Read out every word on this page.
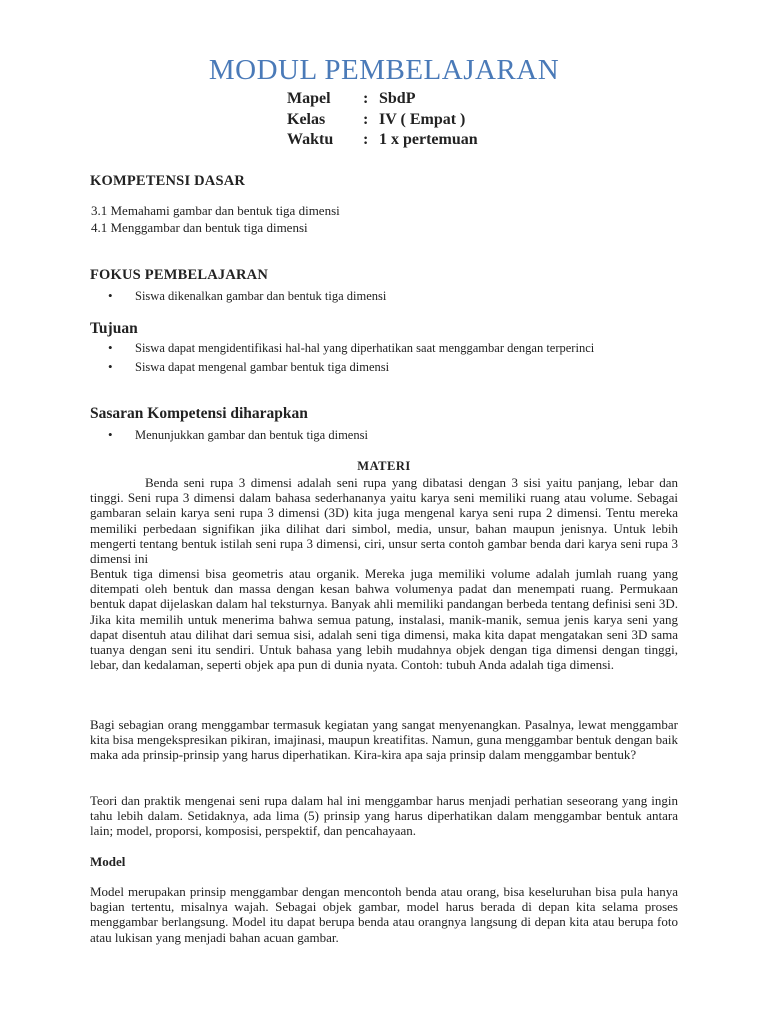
MODUL PEMBELAJARAN
Mapel	: SbdP
Kelas	: IV ( Empat )
Waktu	: 1 x pertemuan
KOMPETENSI DASAR
3.1 Memahami gambar dan bentuk tiga dimensi
4.1 Menggambar dan bentuk tiga dimensi
FOKUS PEMBELAJARAN
• Siswa dikenalkan gambar dan bentuk tiga dimensi
Tujuan
• Siswa dapat mengidentifikasi hal-hal yang diperhatikan saat menggambar dengan terperinci
• Siswa dapat mengenal gambar bentuk tiga dimensi
Sasaran Kompetensi diharapkan
• Menunjukkan gambar dan bentuk tiga dimensi
MATERI

Benda seni rupa 3 dimensi adalah seni rupa yang dibatasi dengan 3 sisi yaitu panjang, lebar dan tinggi. Seni rupa 3 dimensi dalam bahasa sederhananya yaitu karya seni memiliki ruang atau volume. Sebagai gambaran selain karya seni rupa 3 dimensi (3D) kita juga mengenal karya seni rupa 2 dimensi. Tentu mereka memiliki perbedaan signifikan jika dilihat dari simbol, media, unsur, bahan maupun jenisnya. Untuk lebih mengerti tentang bentuk istilah seni rupa 3 dimensi, ciri, unsur serta contoh gambar benda dari karya seni rupa 3 dimensi ini

Bentuk tiga dimensi bisa geometris atau organik. Mereka juga memiliki volume adalah jumlah ruang yang ditempati oleh bentuk dan massa dengan kesan bahwa volumenya padat dan menempati ruang. Permukaan bentuk dapat dijelaskan dalam hal teksturnya. Banyak ahli memiliki pandangan berbeda tentang definisi seni 3D. Jika kita memilih untuk menerima bahwa semua patung, instalasi, manik-manik, semua jenis karya seni yang dapat disentuh atau dilihat dari semua sisi, adalah seni tiga dimensi, maka kita dapat mengatakan seni 3D sama tuanya dengan seni itu sendiri. Untuk bahasa yang lebih mudahnya objek dengan tiga dimensi dengan tinggi, lebar, dan kedalaman, seperti objek apa pun di dunia nyata. Contoh: tubuh Anda adalah tiga dimensi.

Bagi sebagian orang menggambar termasuk kegiatan yang sangat menyenangkan. Pasalnya, lewat menggambar kita bisa mengekspresikan pikiran, imajinasi, maupun kreatifitas. Namun, guna menggambar bentuk dengan baik maka ada prinsip-prinsip yang harus diperhatikan. Kira-kira apa saja prinsip dalam menggambar bentuk?

Teori dan praktik mengenai seni rupa dalam hal ini menggambar harus menjadi perhatian seseorang yang ingin tahu lebih dalam. Setidaknya, ada lima (5) prinsip yang harus diperhatikan dalam menggambar bentuk antara lain; model, proporsi, komposisi, perspektif, dan pencahayaan.

Model

Model merupakan prinsip menggambar dengan mencontoh benda atau orang, bisa keseluruhan bisa pula hanya bagian tertentu, misalnya wajah. Sebagai objek gambar, model harus berada di depan kita selama proses menggambar berlangsung. Model itu dapat berupa benda atau orangnya langsung di depan kita atau berupa foto atau lukisan yang menjadi bahan acuan gambar.
